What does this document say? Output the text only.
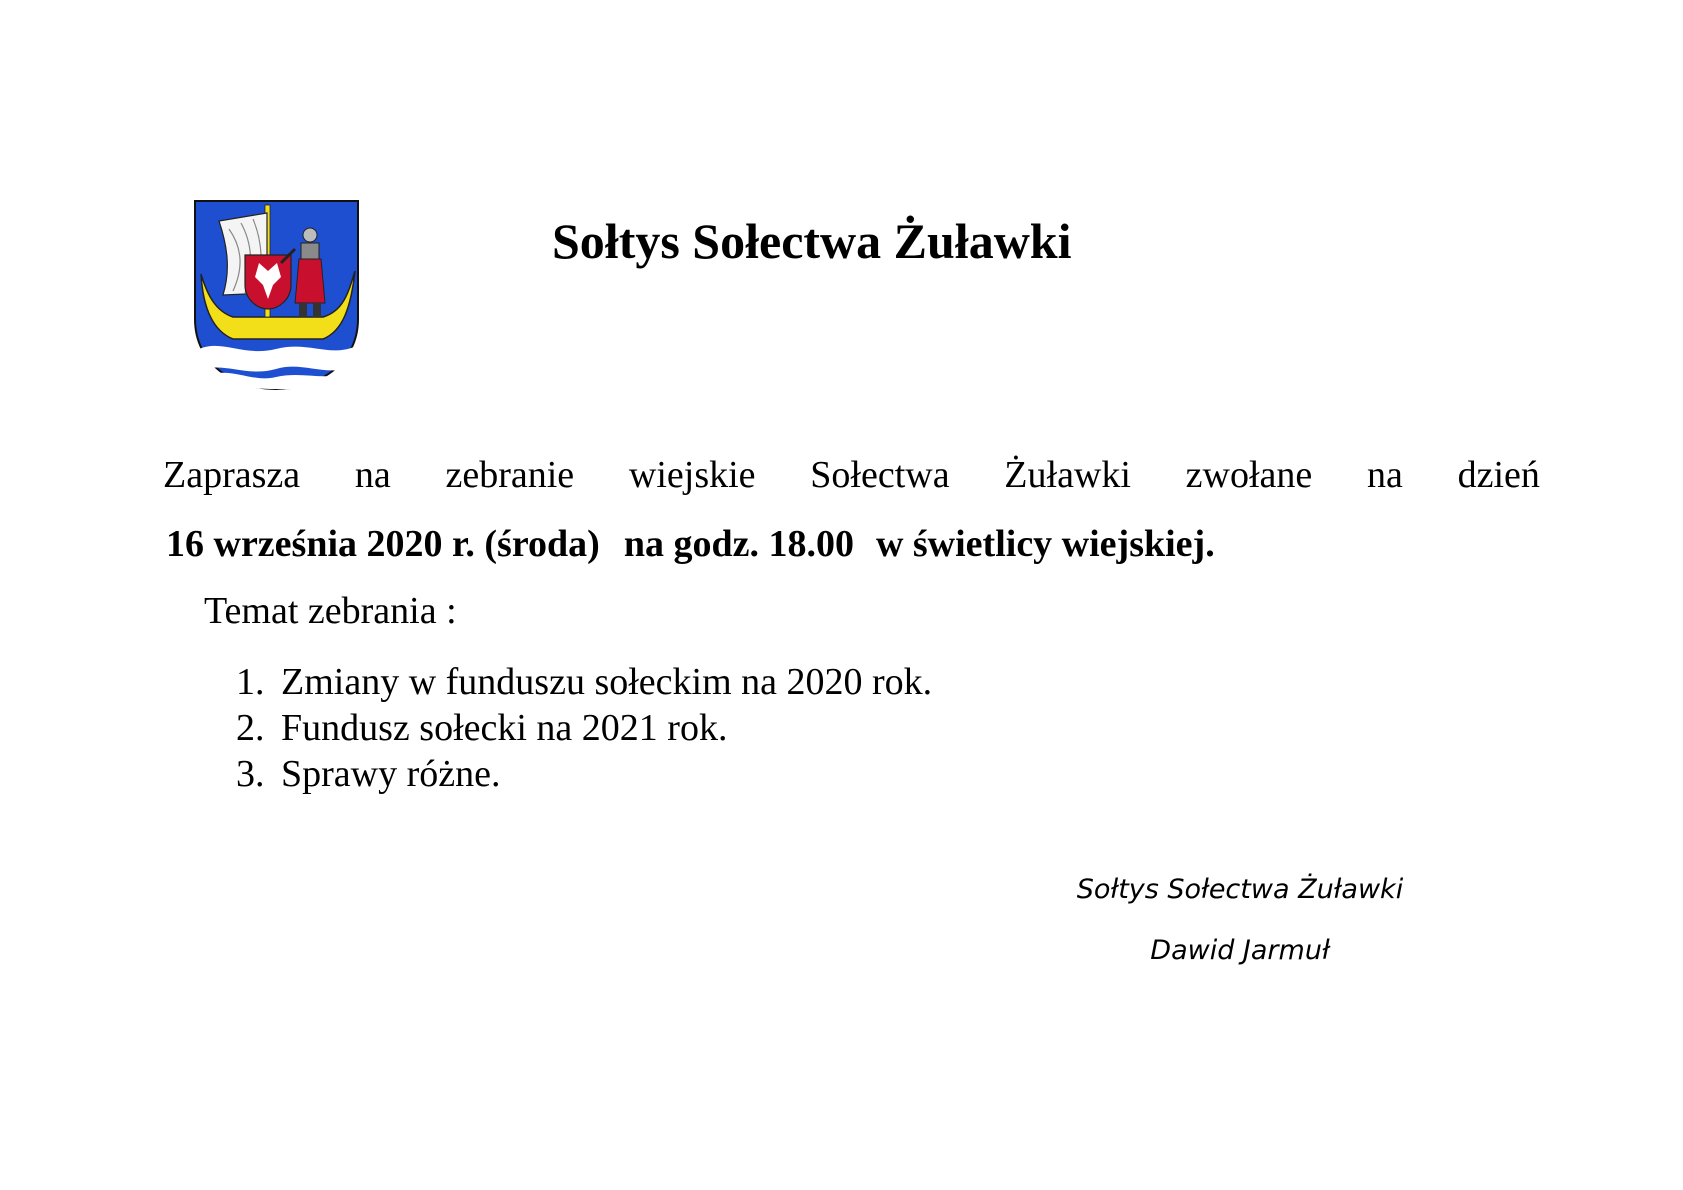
Sołtys Sołectwa Żuławki
Zaprasza na zebranie wiejskie Sołectwa Żuławki zwołane na dzień
16 września 2020 r. (środa) na godz. 18.00 w świetlicy wiejskiej.
Temat zebrania :
1. Zmiany w funduszu sołeckim na 2020 rok.
2. Fundusz sołecki na 2021 rok.
3. Sprawy różne.
Sołtys Sołectwa Żuławki
Dawid Jarmuł
